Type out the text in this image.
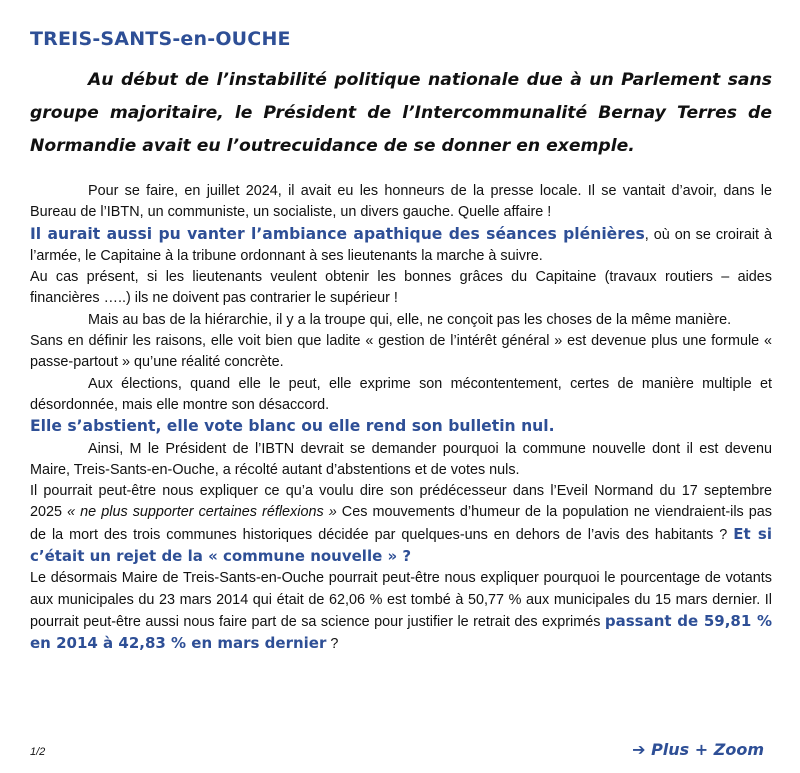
TREIS-SANTS-en-OUCHE

Au début de l’instabilité politique nationale due à un Parlement sans groupe majoritaire, le Président de l’Intercommunalité Bernay Terres de Normandie avait eu l’outrecuidance de se donner en exemple.

Pour se faire, en juillet 2024, il avait eu les honneurs de la presse locale. Il se vantait d’avoir, dans le Bureau de l’IBTN, un communiste, un socialiste, un divers gauche. Quelle affaire !

Il aurait aussi pu vanter l’ambiance apathique des séances plénières, où on se croirait à l’armée, le Capitaine à la tribune ordonnant à ses lieutenants la marche à suivre.

Au cas présent, si les lieutenants veulent obtenir les bonnes grâces du Capitaine (travaux routiers – aides financières …..) ils ne doivent pas contrarier le supérieur !

Mais au bas de la hiérarchie, il y a la troupe qui, elle, ne conçoit pas les choses de la même manière.

Sans en définir les raisons, elle voit bien que ladite « gestion de l’intérêt général » est devenue plus une formule « passe-partout » qu’une réalité concrète.

Aux élections, quand elle le peut, elle exprime son mécontentement, certes de manière multiple et désordonnée, mais elle montre son désaccord.

Elle s’abstient, elle vote blanc ou elle rend son bulletin nul.

Ainsi, M le Président de l’IBTN devrait se demander pourquoi la commune nouvelle dont il est devenu Maire, Treis-Sants-en-Ouche, a récolté autant d’abstentions et de votes nuls.

Il pourrait peut-être nous expliquer ce qu’a voulu dire son prédécesseur dans l’Eveil Normand du 17 septembre 2025 « ne plus supporter certaines réflexions » Ces mouvements d’humeur de la population ne viendraient-ils pas de la mort des trois communes historiques décidée par quelques-uns en dehors de l’avis des habitants ? Et si c’était un rejet de la « commune nouvelle » ?

Le désormais Maire de Treis-Sants-en-Ouche pourrait peut-être nous expliquer pourquoi le pourcentage de votants aux municipales du 23 mars 2014 qui était de 62,06 % est tombé à 50,77 % aux municipales du 15 mars dernier. Il pourrait peut-être aussi nous faire part de sa science pour justifier le retrait des exprimés passant de 59,81 % en 2014 à 42,83 % en mars dernier ?

1/2	➔ Plus + Zoom
